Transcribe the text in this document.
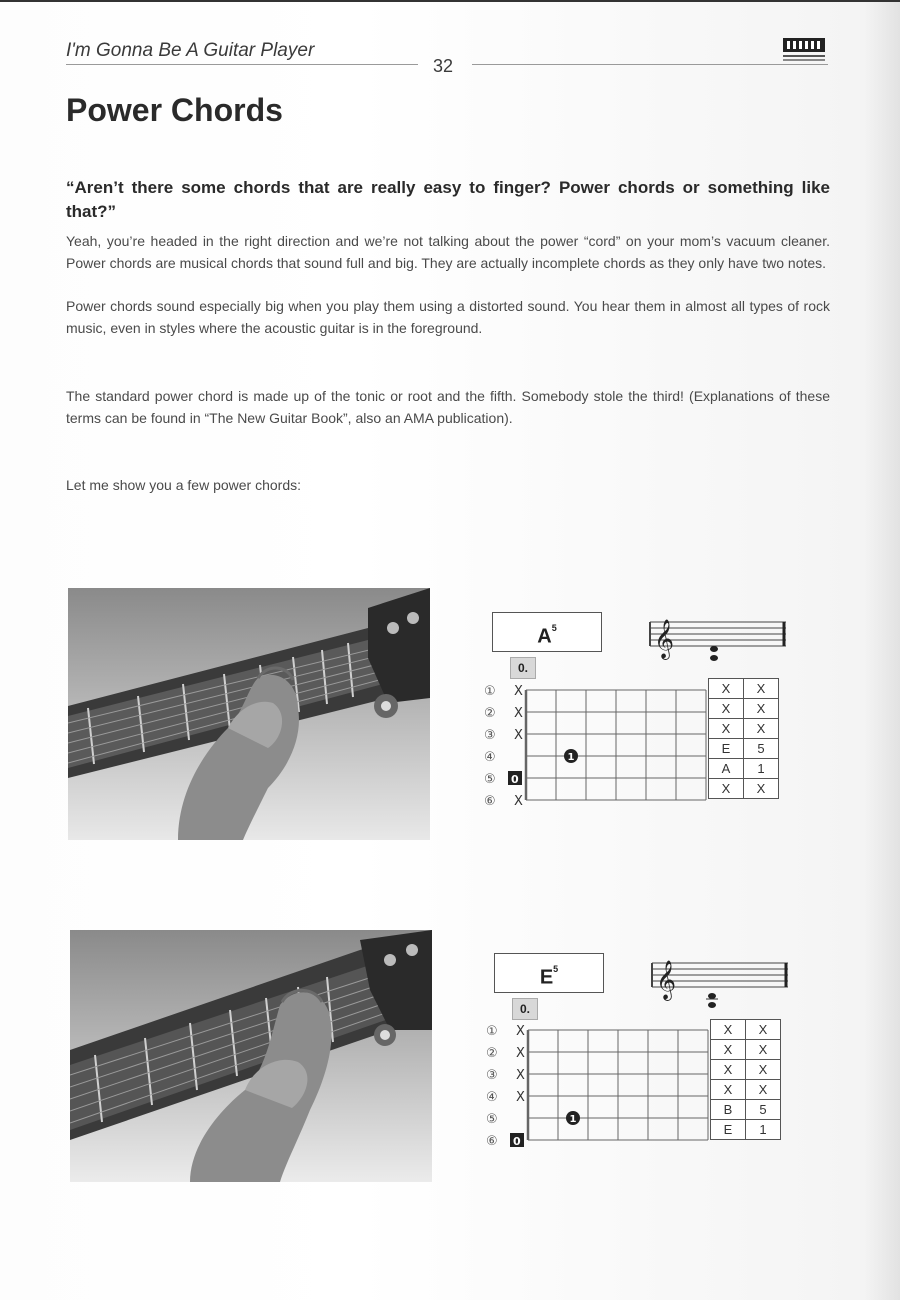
I'm Gonna Be A Guitar Player
32
Power Chords
“Aren’t there some chords that are really easy to finger? Power chords or something like that?”
Yeah, you’re headed in the right direction and we’re not talking about the power “cord” on your mom’s vacuum cleaner. Power chords are musical chords that sound full and big. They are actually incomplete chords as they only have two notes.
Power chords sound especially big when you play them using a distorted sound. You hear them in almost all types of rock music, even in styles where the acoustic guitar is in the foreground.
The standard power chord is made up of the tonic or root and the fifth. Somebody stole the third! (Explanations of these terms can be found in “The New Guitar Book”, also an AMA publication).
Let me show you a few power chords:
$A^5$	𝄞
0.
①
②
③
④
⑤
⑥
X
X
X
X
0
1
X	X
X	X
X	X
E	5
A	1
X	X
$E^5$	𝄞
0.
①
②
③
④
⑤
⑥
X
X
X
X
0
1
X	X
X	X
X	X
X	X
B	5
E	1
